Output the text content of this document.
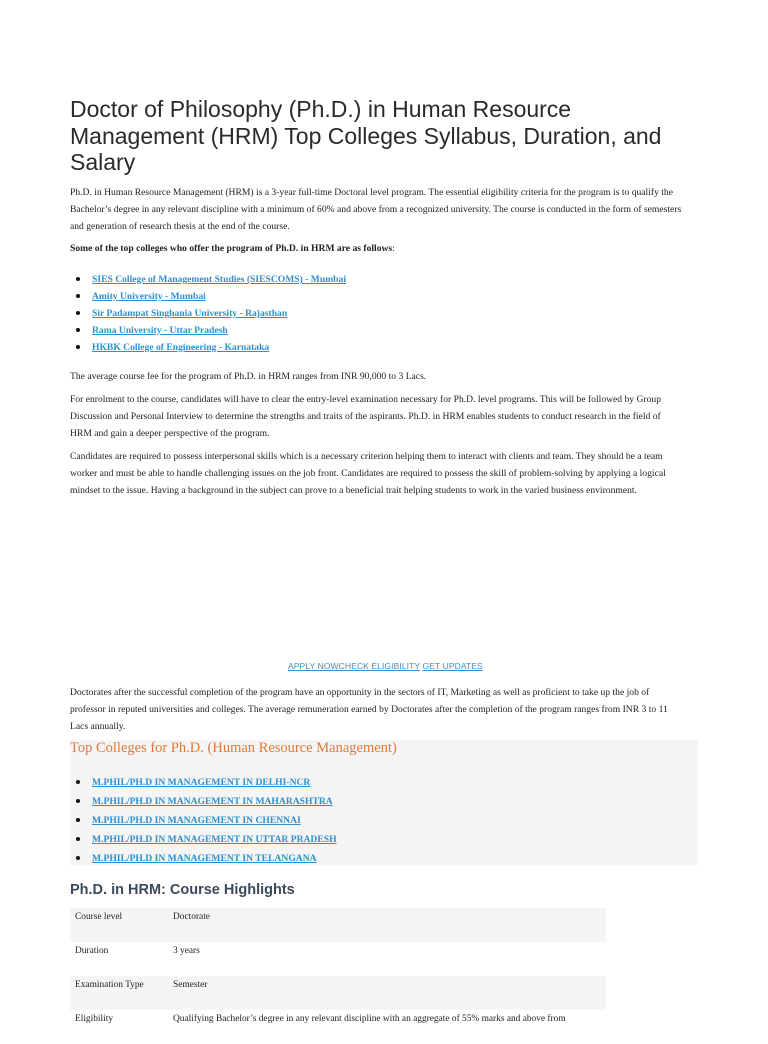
Doctor of Philosophy (Ph.D.) in Human Resource Management (HRM) Top Colleges Syllabus, Duration, and Salary

Ph.D. in Human Resource Management (HRM) is a 3-year full-time Doctoral level program. The essential eligibility criteria for the program is to qualify the Bachelor’s degree in any relevant discipline with a minimum of 60% and above from a recognized university. The course is conducted in the form of semesters and generation of research thesis at the end of the course.

Some of the top colleges who offer the program of Ph.D. in HRM are as follows:

SIES College of Management Studies (SIESCOMS) - Mumbai
Amity University - Mumbai
Sir Padampat Singhania University - Rajasthan
Rama University - Uttar Pradesh
HKBK College of Engineering - Karnataka

The average course fee for the program of Ph.D. in HRM ranges from INR 90,000 to 3 Lacs.

For enrolment to the course, candidates will have to clear the entry-level examination necessary for Ph.D. level programs. This will be followed by Group Discussion and Personal Interview to determine the strengths and traits of the aspirants. Ph.D. in HRM enables students to conduct research in the field of HRM and gain a deeper perspective of the program.

Candidates are required to possess interpersonal skills which is a necessary criterion helping them to interact with clients and team. They should be a team worker and must be able to handle challenging issues on the job front. Candidates are required to possess the skill of problem-solving by applying a logical mindset to the issue. Having a background in the subject can prove to a beneficial trait helping students to work in the varied business environment.

APPLY NOWCHECK ELIGIBILITY GET UPDATES

Doctorates after the successful completion of the program have an opportunity in the sectors of IT, Marketing as well as proficient to take up the job of professor in reputed universities and colleges. The average remuneration earned by Doctorates after the completion of the program ranges from INR 3 to 11 Lacs annually.

Top Colleges for Ph.D. (Human Resource Management)
M.PHIL/PH.D IN MANAGEMENT IN DELHI-NCR
M.PHIL/PH.D IN MANAGEMENT IN MAHARASHTRA
M.PHIL/PH.D IN MANAGEMENT IN CHENNAI
M.PHIL/PH.D IN MANAGEMENT IN UTTAR PRADESH
M.PHIL/PH.D IN MANAGEMENT IN TELANGANA
Ph.D. in HRM: Course Highlights
Course level	Doctorate
Duration	3 years
Examination Type	Semester
Eligibility	Qualifying Bachelor’s degree in any relevant discipline with an aggregate of 55% marks and above from
